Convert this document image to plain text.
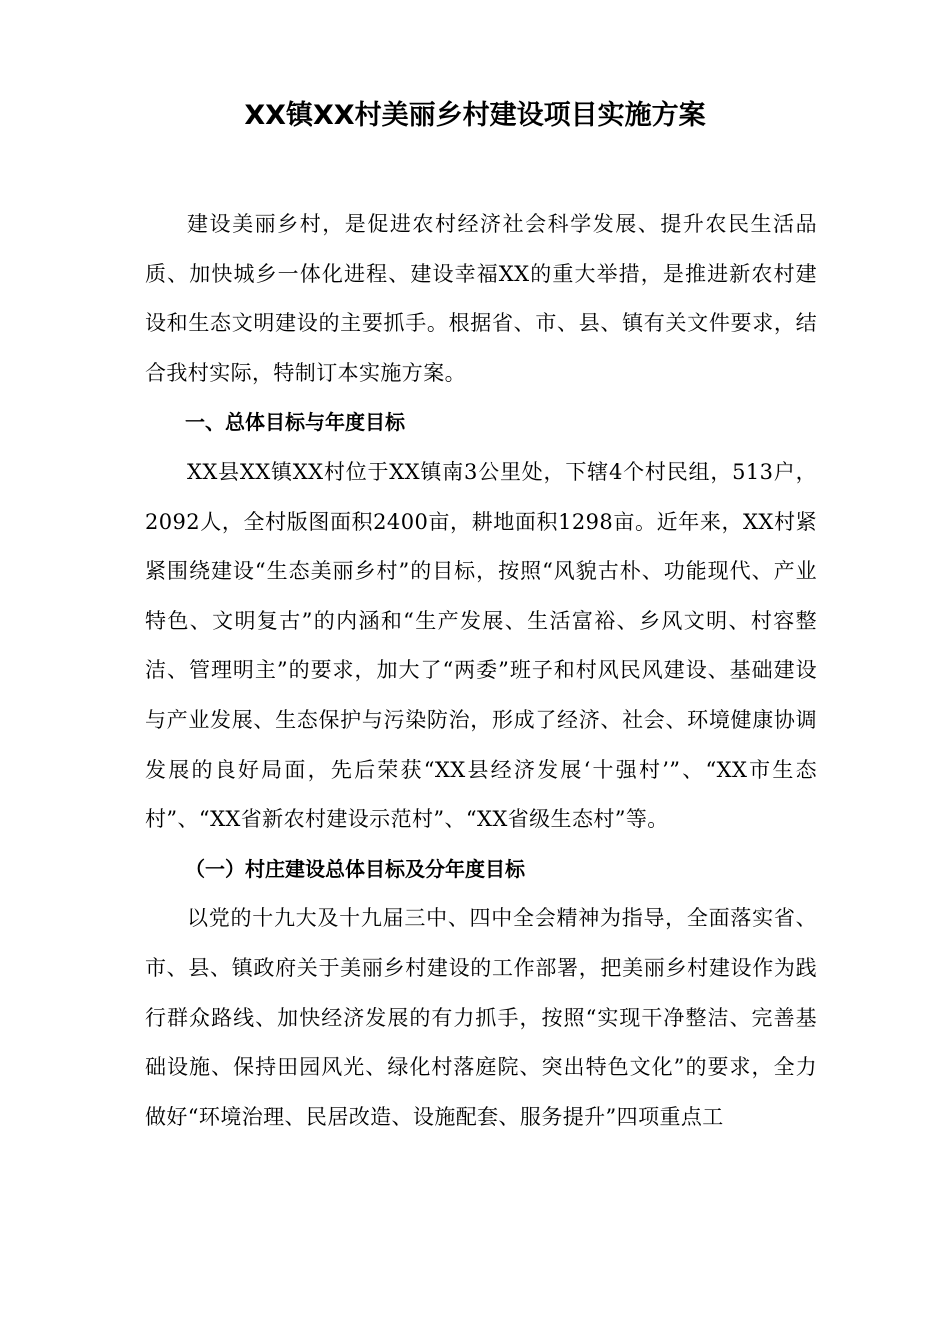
XX镇XX村美丽乡村建设项目实施方案

建设美丽乡村，是促进农村经济社会科学发展、提升农民生活品质、加快城乡一体化进程、建设幸福XX的重大举措，是推进新农村建设和生态文明建设的主要抓手。根据省、市、县、镇有关文件要求，结合我村实际，特制订本实施方案。

一、总体目标与年度目标

XX县XX镇XX村位于XX镇南3公里处，下辖4个村民组，513户，2092人，全村版图面积2400亩，耕地面积1298亩。近年来，XX村紧紧围绕建设“生态美丽乡村”的目标，按照“风貌古朴、功能现代、产业特色、文明复古”的内涵和“生产发展、生活富裕、乡风文明、村容整洁、管理明主”的要求，加大了“两委”班子和村风民风建设、基础建设与产业发展、生态保护与污染防治，形成了经济、社会、环境健康协调发展的良好局面，先后荣获“XX县经济发展‘十强村’”、“XX市生态村”、“XX省新农村建设示范村”、“XX省级生态村”等。

（一）村庄建设总体目标及分年度目标

以党的十九大及十九届三中、四中全会精神为指导，全面落实省、市、县、镇政府关于美丽乡村建设的工作部署，把美丽乡村建设作为践行群众路线、加快经济发展的有力抓手，按照“实现干净整洁、完善基础设施、保持田园风光、绿化村落庭院、突出特色文化”的要求，全力做好“环境治理、民居改造、设施配套、服务提升”四项重点工
